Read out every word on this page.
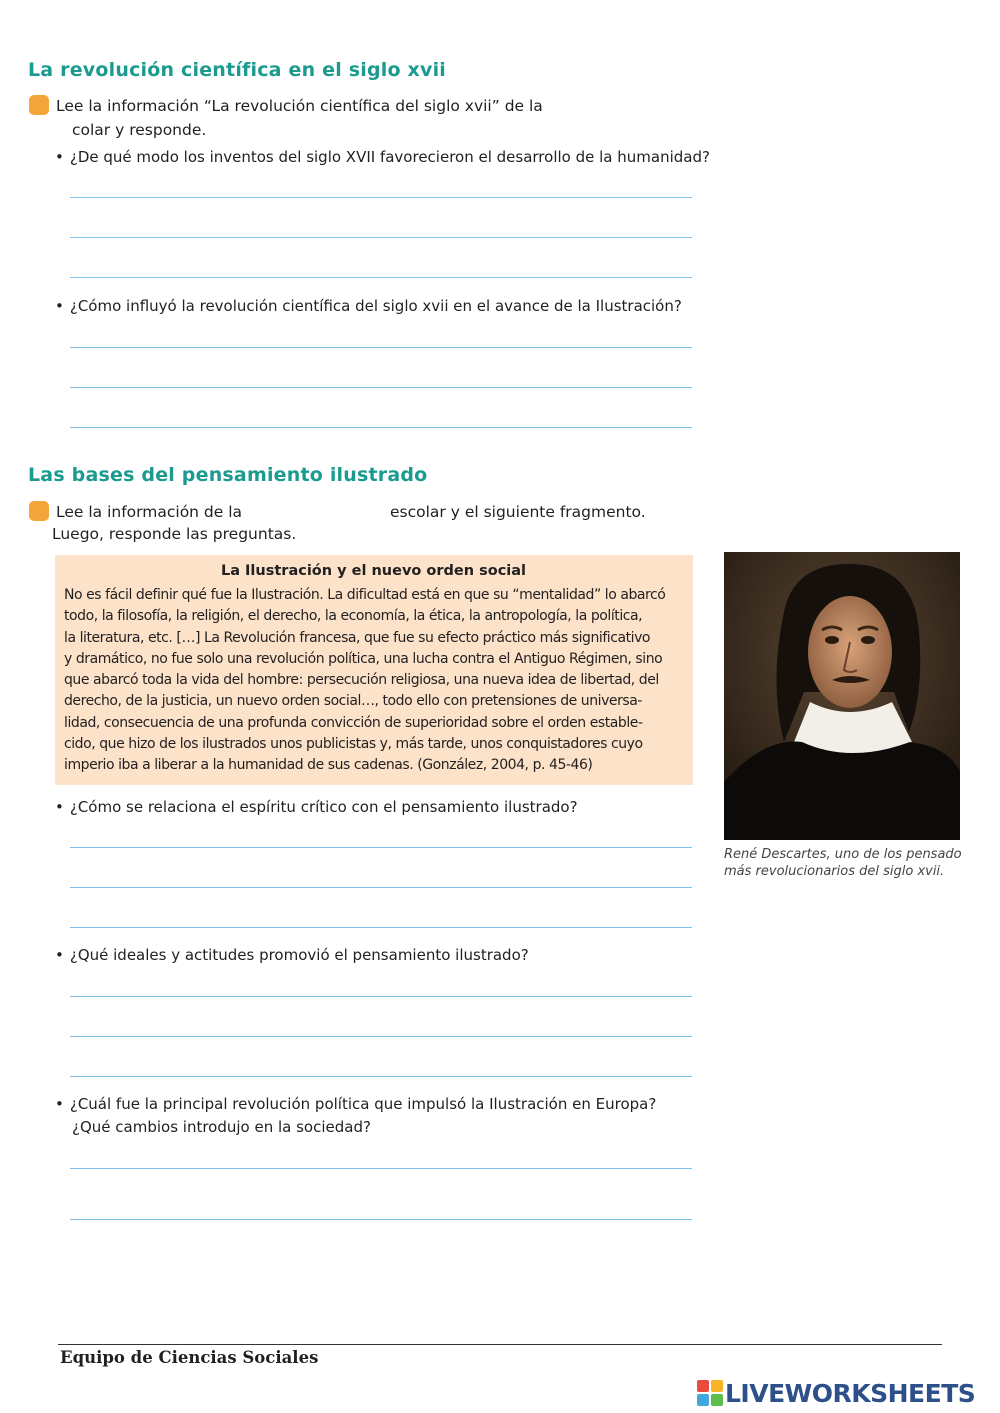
La revolución científica en el siglo xvii
Lee la información “La revolución científica del siglo xvii” de la
colar y responde.
• ¿De qué modo los inventos del siglo XVII favorecieron el desarrollo de la humanidad?
• ¿Cómo influyó la revolución científica del siglo xvii en el avance de la Ilustración?
Las bases del pensamiento ilustrado
Lee la información de la	escolar y el siguiente fragmento.
Luego, responde las preguntas.
La Ilustración y el nuevo orden social
No es fácil definir qué fue la Ilustración. La dificultad está en que su “mentalidad” lo abarcó
todo, la filosofía, la religión, el derecho, la economía, la ética, la antropología, la política,
la literatura, etc. […] La Revolución francesa, que fue su efecto práctico más significativo
y dramático, no fue solo una revolución política, una lucha contra el Antiguo Régimen, sino
que abarcó toda la vida del hombre: persecución religiosa, una nueva idea de libertad, del
derecho, de la justicia, un nuevo orden social…, todo ello con pretensiones de universa-
lidad, consecuencia de una profunda convicción de superioridad sobre el orden estable-
cido, que hizo de los ilustrados unos publicistas y, más tarde, unos conquistadores cuyo
imperio iba a liberar a la humanidad de sus cadenas. (González, 2004, p. 45-46)
René Descartes, uno de los pensado
más revolucionarios del siglo xvii.
• ¿Cómo se relaciona el espíritu crítico con el pensamiento ilustrado?
• ¿Qué ideales y actitudes promovió el pensamiento ilustrado?
• ¿Cuál fue la principal revolución política que impulsó la Ilustración en Europa?
¿Qué cambios introdujo en la sociedad?
Equipo de Ciencias Sociales
LIVEWORKSHEETS
